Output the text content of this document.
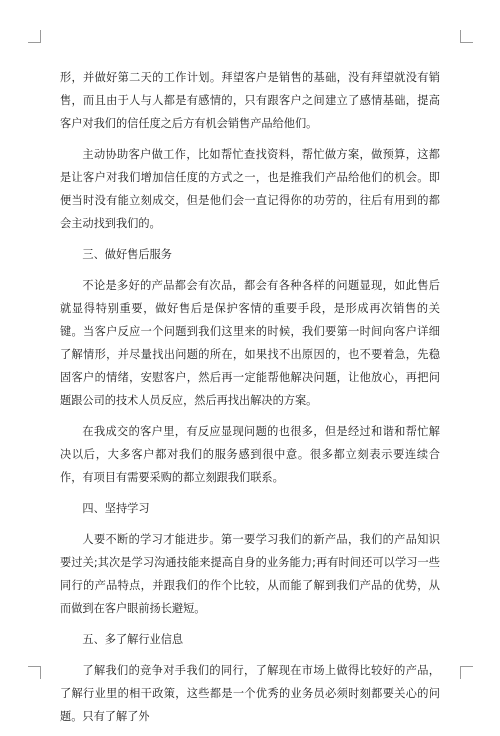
形，并做好第二天的工作计划。拜望客户是销售的基础，没有拜望就没有销售，而且由于人与人都是有感情的，只有跟客户之间建立了感情基础，提高客户对我们的信任度之后方有机会销售产品给他们。

主动协助客户做工作，比如帮忙查找资料，帮忙做方案，做预算，这都是让客户对我们增加信任度的方式之一，也是推我们产品给他们的机会。即便当时没有能立刻成交，但是他们会一直记得你的功劳的，往后有用到的都会主动找到我们的。

三、做好售后服务

不论是多好的产品都会有次品，都会有各种各样的问题显现，如此售后就显得特别重要，做好售后是保护客情的重要手段，是形成再次销售的关键。当客户反应一个问题到我们这里来的时候，我们要第一时间向客户详细了解情形，并尽量找出问题的所在，如果找不出原因的，也不要着急，先稳固客户的情绪，安慰客户，然后再一定能帮他解决问题，让他放心，再把问题跟公司的技术人员反应，然后再找出解决的方案。

在我成交的客户里，有反应显现问题的也很多，但是经过和谐和帮忙解决以后，大多客户都对我们的服务感到很中意。很多都立刻表示要连续合作，有项目有需要采购的都立刻跟我们联系。

四、坚持学习

人要不断的学习才能进步。第一要学习我们的新产品，我们的产品知识要过关;其次是学习沟通技能来提高自身的业务能力;再有时间还可以学习一些同行的产品特点，并跟我们的作个比较，从而能了解到我们产品的优势，从而做到在客户眼前扬长避短。

五、多了解行业信息

了解我们的竞争对手我们的同行，了解现在市场上做得比较好的产品，了解行业里的相干政策，这些都是一个优秀的业务员必须时刻都要关心的问题。只有了解了外
